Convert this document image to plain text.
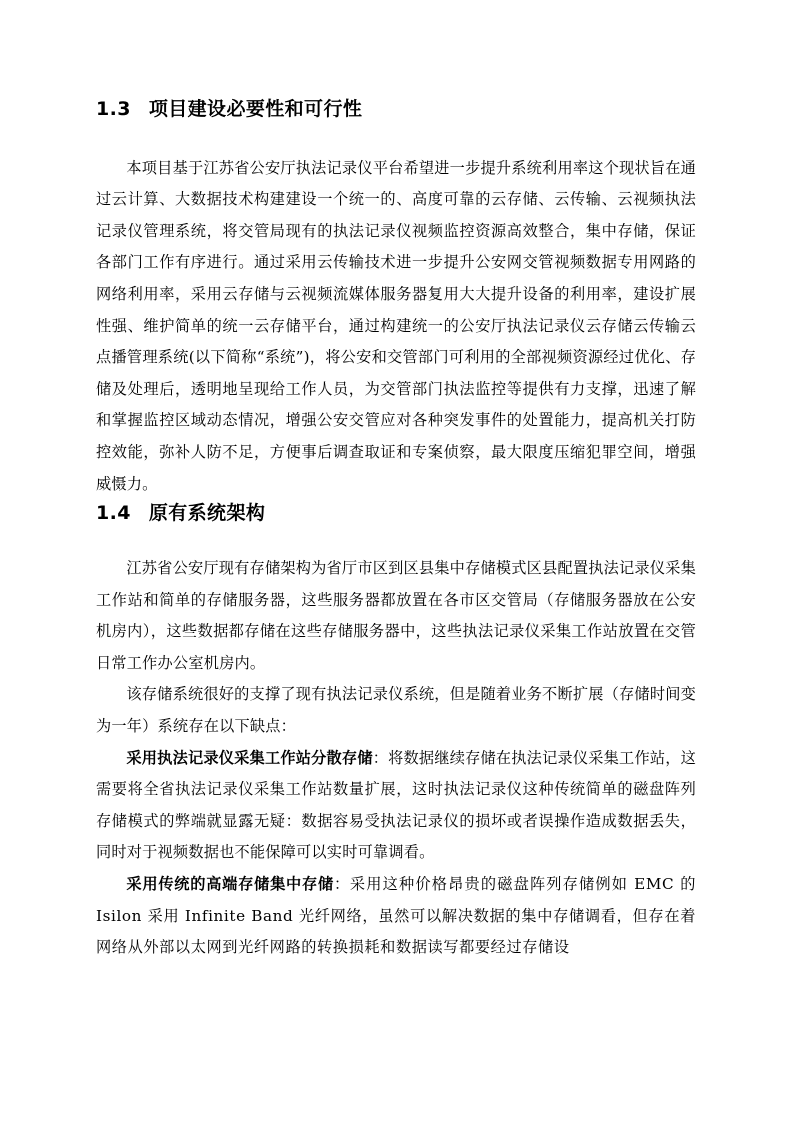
1.3 项目建设必要性和可行性

本项目基于江苏省公安厅执法记录仪平台希望进一步提升系统利用率这个现状旨在通过云计算、大数据技术构建建设一个统一的、高度可靠的云存储、云传输、云视频执法记录仪管理系统，将交管局现有的执法记录仪视频监控资源高效整合，集中存储，保证各部门工作有序进行。通过采用云传输技术进一步提升公安网交管视频数据专用网路的网络利用率，采用云存储与云视频流媒体服务器复用大大提升设备的利用率，建设扩展性强、维护简单的统一云存储平台，通过构建统一的公安厅执法记录仪云存储云传输云点播管理系统(以下简称“系统”)，将公安和交管部门可利用的全部视频资源经过优化、存储及处理后，透明地呈现给工作人员，为交管部门执法监控等提供有力支撑，迅速了解和掌握监控区域动态情况，增强公安交管应对各种突发事件的处置能力，提高机关打防控效能，弥补人防不足，方便事后调查取证和专案侦察，最大限度压缩犯罪空间，增强威慑力。

1.4 原有系统架构

江苏省公安厅现有存储架构为省厅市区到区县集中存储模式区县配置执法记录仪采集工作站和简单的存储服务器，这些服务器都放置在各市区交管局（存储服务器放在公安机房内），这些数据都存储在这些存储服务器中，这些执法记录仪采集工作站放置在交管日常工作办公室机房内。

该存储系统很好的支撑了现有执法记录仪系统，但是随着业务不断扩展（存储时间变为一年）系统存在以下缺点：

采用执法记录仪采集工作站分散存储：将数据继续存储在执法记录仪采集工作站，这需要将全省执法记录仪采集工作站数量扩展，这时执法记录仪这种传统简单的磁盘阵列存储模式的弊端就显露无疑：数据容易受执法记录仪的损坏或者误操作造成数据丢失，同时对于视频数据也不能保障可以实时可靠调看。

采用传统的高端存储集中存储：采用这种价格昂贵的磁盘阵列存储例如 EMC 的 Isilon 采用 Infinite Band 光纤网络，虽然可以解决数据的集中存储调看，但存在着网络从外部以太网到光纤网路的转换损耗和数据读写都要经过存储设
